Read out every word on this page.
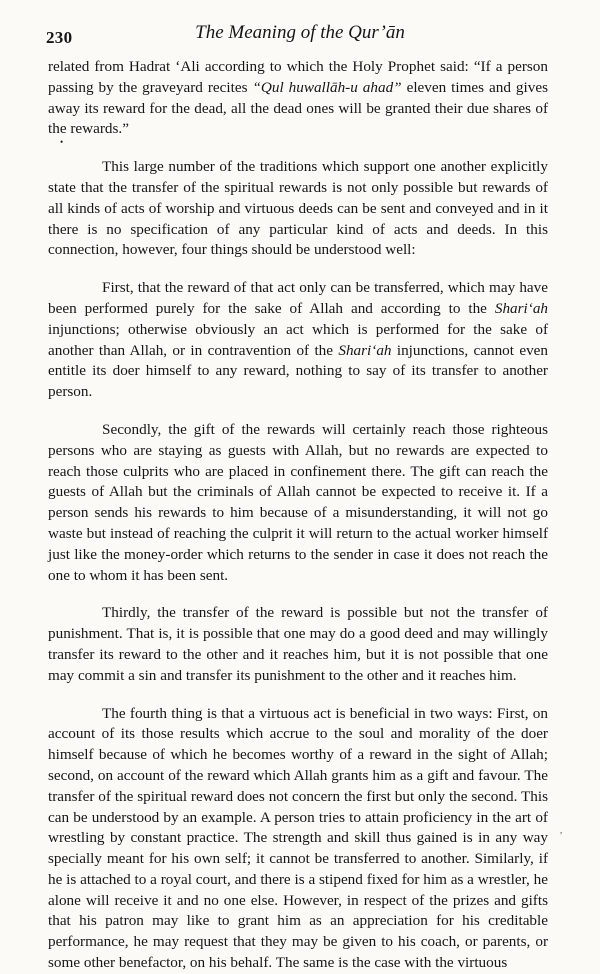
230	The Meaning of the Qur’ān
•

related from Hadrat ‘Ali according to which the Holy Prophet said: “If a person passing by the graveyard recites “Qul huwallāh-u ahad” eleven times and gives away its reward for the dead, all the dead ones will be granted their due shares of the rewards.”

This large number of the traditions which support one another explicitly state that the transfer of the spiritual rewards is not only possible but rewards of all kinds of acts of worship and virtuous deeds can be sent and conveyed and in it there is no specification of any particular kind of acts and deeds. In this connection, however, four things should be understood well:

First, that the reward of that act only can be transferred, which may have been performed purely for the sake of Allah and according to the Shari‘ah injunctions; otherwise obviously an act which is performed for the sake of another than Allah, or in contravention of the Shari‘ah injunctions, cannot even entitle its doer himself to any reward, nothing to say of its transfer to another person.

Secondly, the gift of the rewards will certainly reach those righteous persons who are staying as guests with Allah, but no rewards are expected to reach those culprits who are placed in confinement there. The gift can reach the guests of Allah but the criminals of Allah cannot be expected to receive it. If a person sends his rewards to him because of a misunderstanding, it will not go waste but instead of reaching the culprit it will return to the actual worker himself just like the money-order which returns to the sender in case it does not reach the one to whom it has been sent.

Thirdly, the transfer of the reward is possible but not the transfer of punishment. That is, it is possible that one may do a good deed and may willingly transfer its reward to the other and it reaches him, but it is not possible that one may commit a sin and transfer its punishment to the other and it reaches him.

The fourth thing is that a virtuous act is beneficial in two ways: First, on account of its those results which accrue to the soul and morality of the doer himself because of which he becomes worthy of a reward in the sight of Allah; second, on account of the reward which Allah grants him as a gift and favour. The transfer of the spiritual reward does not concern the first but only the second. This can be understood by an example. A person tries to attain proficiency in the art of wrestling by constant practice. The strength and skill thus gained is in any way specially meant for his own self; it cannot be transferred to another. Similarly, if he is attached to a royal court, and there is a stipend fixed for him as a wrestler, he alone will receive it and no one else. However, in respect of the prizes and gifts that his patron may like to grant him as an appreciation for his creditable performance, he may request that they may be given to his coach, or parents, or some other benefactor, on his behalf. The same is the case with the virtuous

,
